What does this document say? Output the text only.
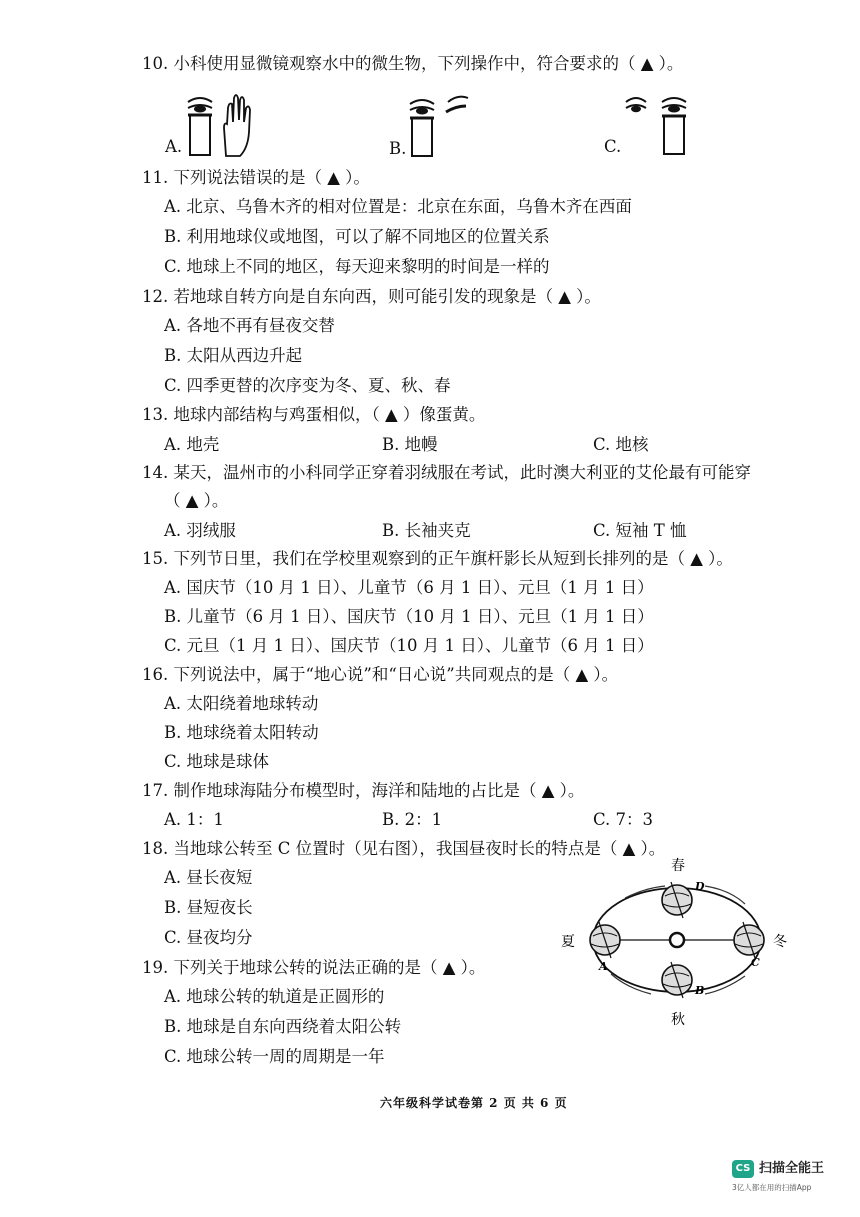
10. 小科使用显微镜观察水中的微生物，下列操作中，符合要求的（ ▲ ）。
A.	B.	C.
11. 下列说法错误的是（ ▲ ）。
A. 北京、乌鲁木齐的相对位置是：北京在东面，乌鲁木齐在西面
B. 利用地球仪或地图，可以了解不同地区的位置关系
C. 地球上不同的地区，每天迎来黎明的时间是一样的
12. 若地球自转方向是自东向西，则可能引发的现象是（ ▲ ）。
A. 各地不再有昼夜交替
B. 太阳从西边升起
C. 四季更替的次序变为冬、夏、秋、春
13. 地球内部结构与鸡蛋相似，（ ▲ ）像蛋黄。
A. 地壳	B. 地幔	C. 地核
14. 某天，温州市的小科同学正穿着羽绒服在考试，此时澳大利亚的艾伦最有可能穿
（ ▲ ）。
A. 羽绒服	B. 长袖夹克	C. 短袖 T 恤
15. 下列节日里，我们在学校里观察到的正午旗杆影长从短到长排列的是（ ▲ ）。
A. 国庆节（10 月 1 日）、儿童节（6 月 1 日）、元旦（1 月 1 日）
B. 儿童节（6 月 1 日）、国庆节（10 月 1 日）、元旦（1 月 1 日）
C. 元旦（1 月 1 日）、国庆节（10 月 1 日）、儿童节（6 月 1 日）
16. 下列说法中，属于“地心说”和“日心说”共同观点的是（ ▲ ）。
A. 太阳绕着地球转动
B. 地球绕着太阳转动
C. 地球是球体
17. 制作地球海陆分布模型时，海洋和陆地的占比是（ ▲ ）。
A. 1：1	B. 2：1	C. 7：3
18. 当地球公转至 C 位置时（见右图），我国昼夜时长的特点是（ ▲ ）。
A. 昼长夜短
B. 昼短夜长
C. 昼夜均分
19. 下列关于地球公转的说法正确的是（ ▲ ）。
A. 地球公转的轨道是正圆形的
B. 地球是自东向西绕着太阳公转
C. 地球公转一周的周期是一年
春
夏
秋
冬
D
A	C
B
六年级科学试卷第 2 页 共 6 页
CS 扫描全能王
3亿人都在用的扫描App
